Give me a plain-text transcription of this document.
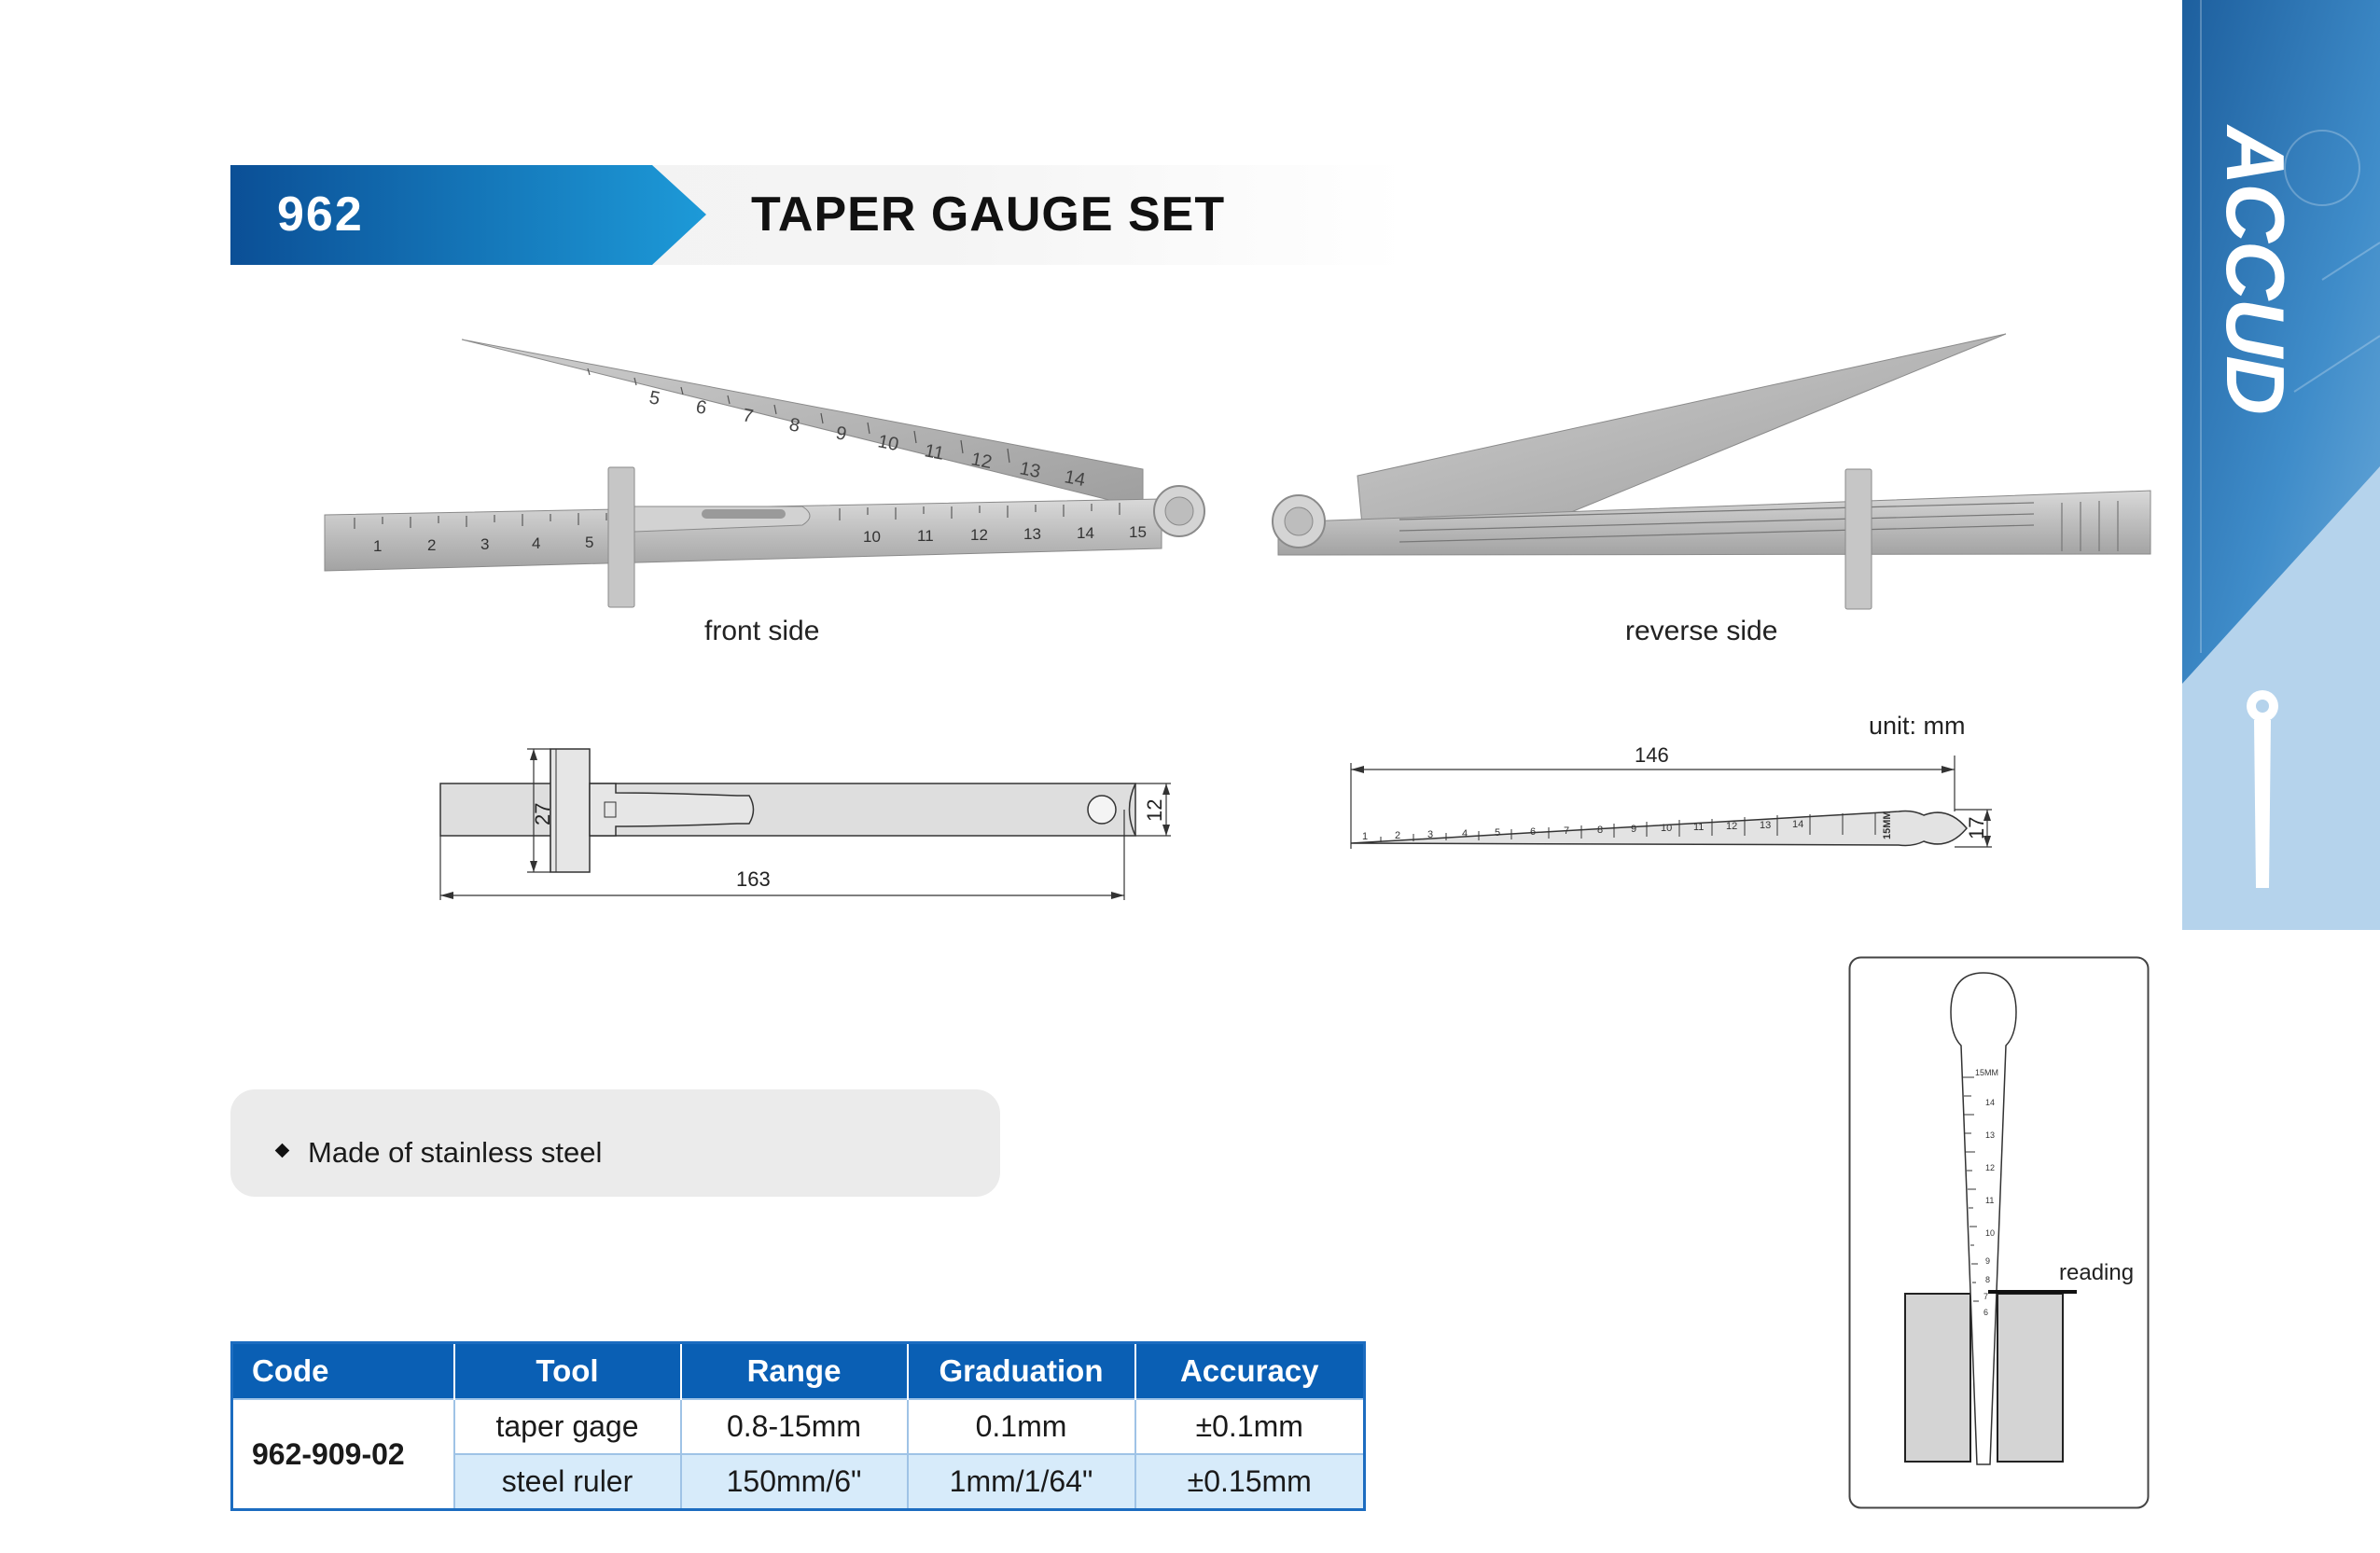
962	TAPER GAUGE SET	ACCUD
5 6 7 8 9 10 11 12 13 14
1	2	3	4	5	10 11 12 13 14 15
front side	reverse side
163
27	12
unit: mm
146
1	2	3	4	5	6	7	8	9 10 11 12 13 14	15MM	17
15MM
14
13
12
11
10
9
8
7
6
reading
Made of stainless steel
Code	Tool	Range	Graduation	Accuracy
962-909-02	taper gage	0.8-15mm	0.1mm	±0.1mm
	steel ruler	150mm/6"	1mm/1/64"	±0.15mm
